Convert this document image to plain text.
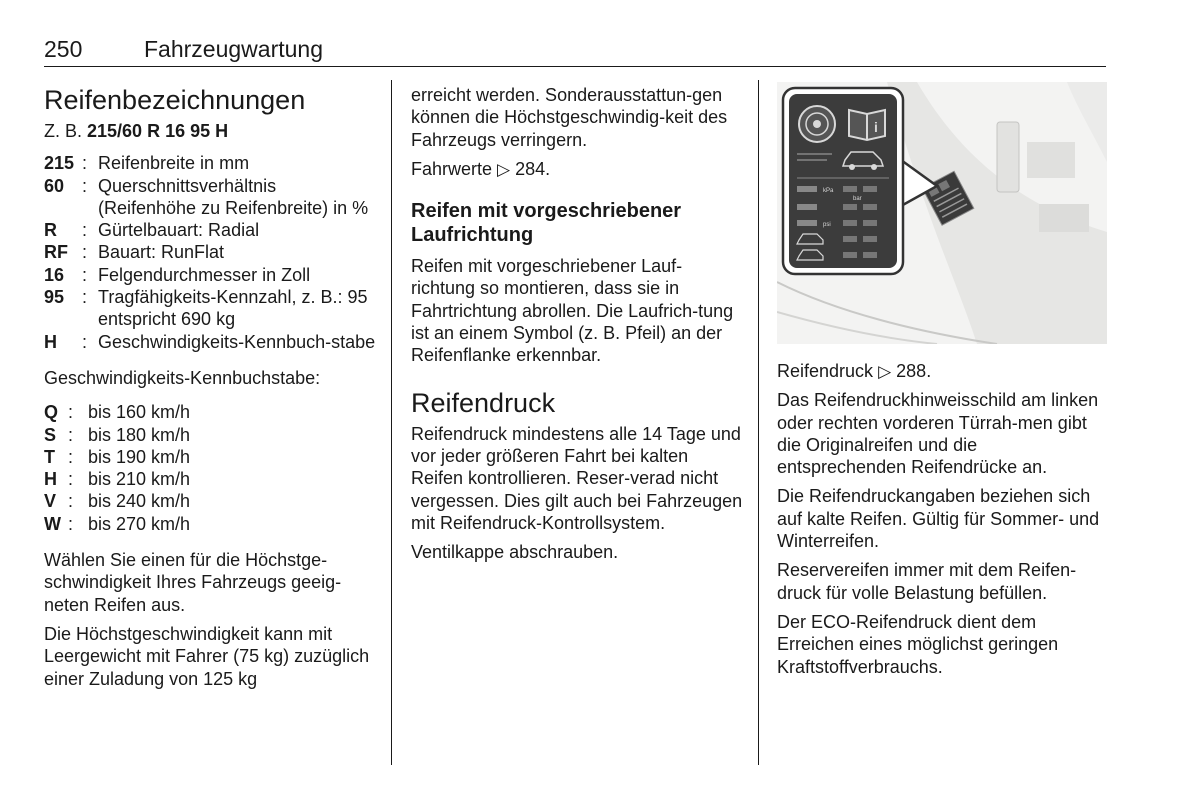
250	Fahrzeugwartung
Reifenbezeichnungen

Z. B. 215/60 R 16 95 H

215 : Reifenbreite in mm
60 : Querschnittsverhältnis (Reifenhöhe zu Reifenbreite) in %
R	: Gürtelbauart: Radial
RF : Bauart: RunFlat
16 : Felgendurchmesser in Zoll
95 : Tragfähigkeits-Kennzahl, z. B.: 95 entspricht 690 kg
H	: Geschwindigkeits-Kennbuch-stabe

Geschwindigkeits-Kennbuchstabe:

Q : bis 160 km/h
S : bis 180 km/h
T : bis 190 km/h
H : bis 210 km/h
V : bis 240 km/h
W : bis 270 km/h

Wählen Sie einen für die Höchstge-schwindigkeit Ihres Fahrzeugs geeig-neten Reifen aus.

Die Höchstgeschwindigkeit kann mit Leergewicht mit Fahrer (75 kg) zuzüglich einer Zuladung von 125 kg

erreicht werden. Sonderausstattun-gen können die Höchstgeschwindig-keit des Fahrzeugs verringern.

Fahrwerte ▷ 284.

Reifen mit vorgeschriebener Laufrichtung

Reifen mit vorgeschriebener Lauf-richtung so montieren, dass sie in Fahrtrichtung abrollen. Die Laufrich-tung ist an einem Symbol (z. B. Pfeil) an der Reifenflanke erkennbar.

Reifendruck

Reifendruck mindestens alle 14 Tage und vor jeder größeren Fahrt bei kalten Reifen kontrollieren. Reser-verad nicht vergessen. Dies gilt auch bei Fahrzeugen mit Reifendruck-Kontrollsystem.

Ventilkappe abschrauben.

i
kPa
bar
psi

Reifendruck ▷ 288.

Das Reifendruckhinweisschild am linken oder rechten vorderen Türrah-men gibt die Originalreifen und die entsprechenden Reifendrücke an.

Die Reifendruckangaben beziehen sich auf kalte Reifen. Gültig für Sommer- und Winterreifen.

Reservereifen immer mit dem Reifen-druck für volle Belastung befüllen.

Der ECO-Reifendruck dient dem Erreichen eines möglichst geringen Kraftstoffverbrauchs.
